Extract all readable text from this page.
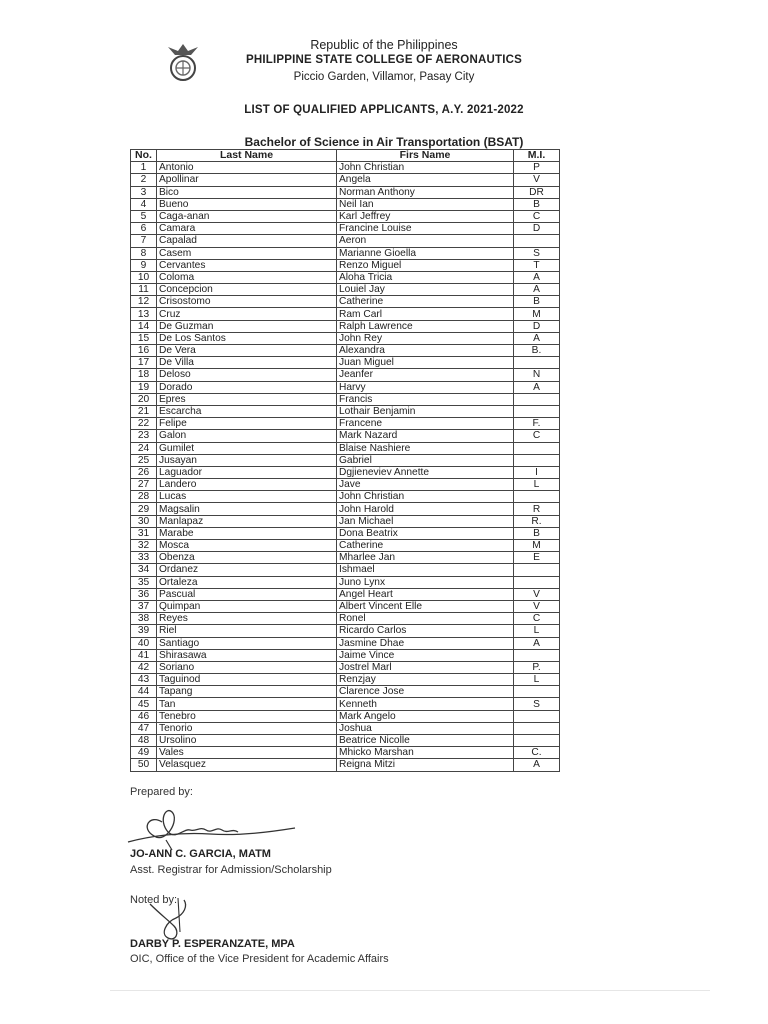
Republic of the Philippines
PHILIPPINE STATE COLLEGE OF AERONAUTICS
Piccio Garden, Villamor, Pasay City
LIST OF QUALIFIED APPLICANTS, A.Y. 2021-2022
Bachelor of Science in Air Transportation (BSAT)
No.	Last Name	Firs Name	M.I.
1	Antonio	John Christian	P
2	Apollinar	Angela	V
3	Bico	Norman Anthony	DR
4	Bueno	Neil Ian	B
5	Caga-anan	Karl Jeffrey	C
6	Camara	Francine Louise	D
7	Capalad	Aeron	
8	Casem	Marianne Gioella	S
9	Cervantes	Renzo Miguel	T
10	Coloma	Aloha Tricia	A
11	Concepcion	Louiel Jay	A
12	Crisostomo	Catherine	B
13	Cruz	Ram Carl	M
14	De Guzman	Ralph Lawrence	D
15	De Los Santos	John Rey	A
16	De Vera	Alexandra	B.
17	De Villa	Juan Miguel	
18	Deloso	Jeanfer	N
19	Dorado	Harvy	A
20	Epres	Francis	
21	Escarcha	Lothair Benjamin	
22	Felipe	Francene	F.
23	Galon	Mark Nazard	C
24	Gumilet	Blaise Nashiere	
25	Jusayan	Gabriel	
26	Laguador	Dgjieneviev Annette	I
27	Landero	Jave	L
28	Lucas	John Christian	
29	Magsalin	John Harold	R
30	Manlapaz	Jan Michael	R.
31	Marabe	Dona Beatrix	B
32	Mosca	Catherine	M
33	Obenza	Mharlee Jan	E
34	Ordanez	Ishmael	
35	Ortaleza	Juno Lynx	
36	Pascual	Angel Heart	V
37	Quimpan	Albert Vincent Elle	V
38	Reyes	Ronel	C
39	Riel	Ricardo Carlos	L
40	Santiago	Jasmine Dhae	A
41	Shirasawa	Jaime Vince	
42	Soriano	Jostrel Marl	P.
43	Taguinod	Renzjay	L
44	Tapang	Clarence Jose	
45	Tan	Kenneth	S
46	Tenebro	Mark Angelo	
47	Tenorio	Joshua	
48	Ursolino	Beatrice Nicolle	
49	Vales	Mhicko Marshan	C.
50	Velasquez	Reigna Mitzi	A
Prepared by:
JO-ANN C. GARCIA, MATM
Asst. Registrar for Admission/Scholarship
Noted by:
DARBY P. ESPERANZATE, MPA
OIC, Office of the Vice President for Academic Affairs
